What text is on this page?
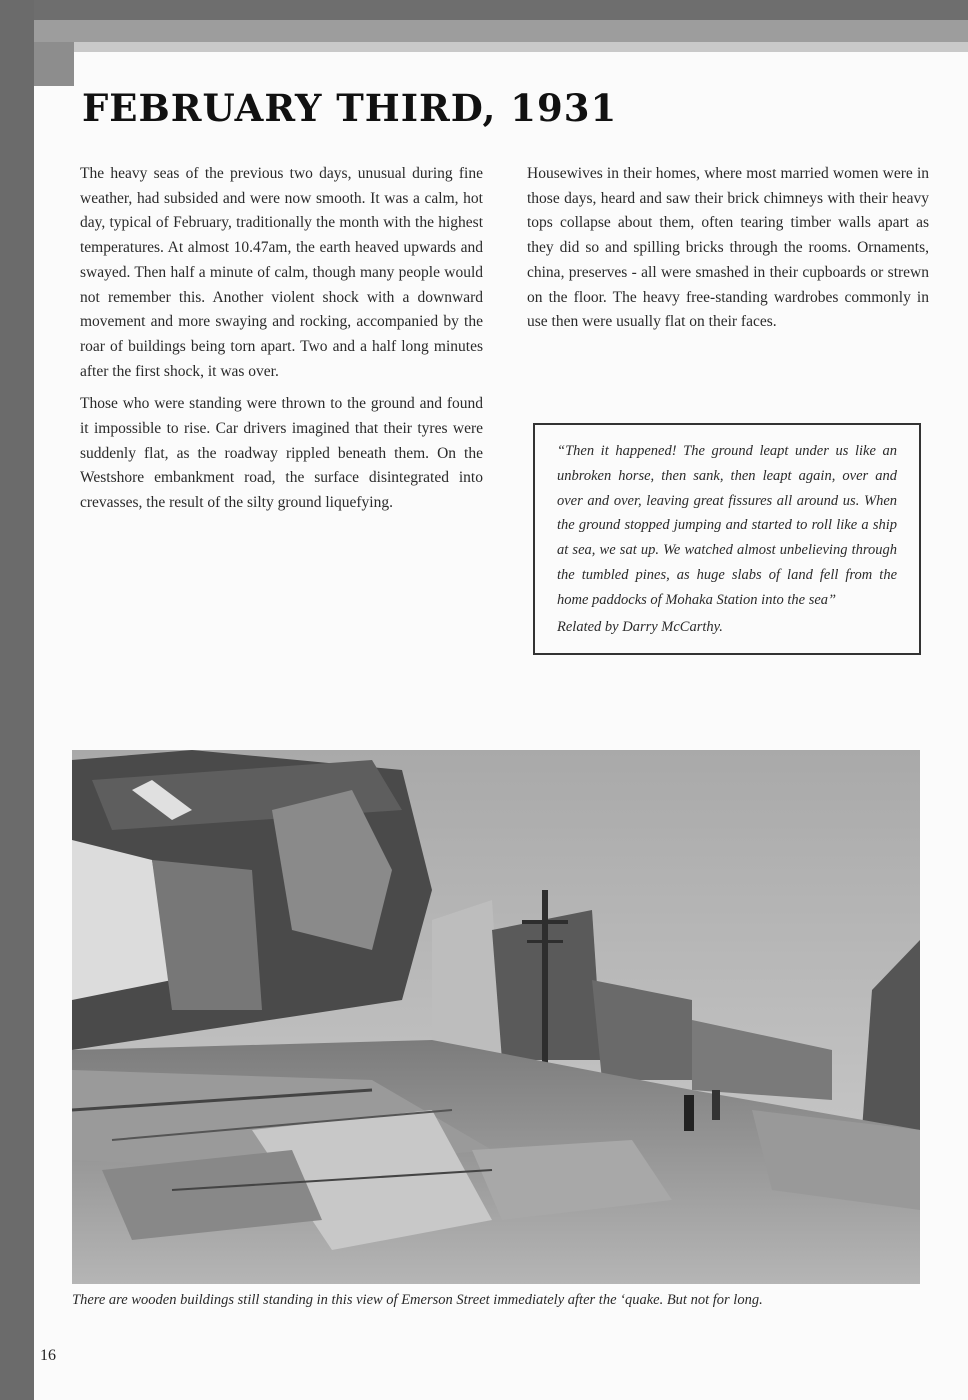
FEBRUARY THIRD, 1931

The heavy seas of the previous two days, unusual during fine weather, had subsided and were now smooth. It was a calm, hot day, typical of February, traditionally the month with the highest temperatures. At almost 10.47am, the earth heaved upwards and swayed. Then half a minute of calm, though many people would not remember this. Another violent shock with a downward movement and more swaying and rocking, accompanied by the roar of buildings being torn apart. Two and a half long minutes after the first shock, it was over.

Those who were standing were thrown to the ground and found it impossible to rise. Car drivers imagined that their tyres were suddenly flat, as the roadway rippled beneath them. On the Westshore embankment road, the surface disintegrated into crevasses, the result of the silty ground liquefying.

Housewives in their homes, where most married women were in those days, heard and saw their brick chimneys with their heavy tops collapse about them, often tearing timber walls apart as they did so and spilling bricks through the rooms. Ornaments, china, preserves - all were smashed in their cupboards or strewn on the floor. The heavy free-standing wardrobes commonly in use then were usually flat on their faces.

“Then it happened! The ground leapt under us like an unbroken horse, then sank, then leapt again, over and over and over, leaving great fissures all around us. When the ground stopped jumping and started to roll like a ship at sea, we sat up. We watched almost unbelieving through the tumbled pines, as huge slabs of land fell from the home paddocks of Mohaka Station into the sea”

Related by Darry McCarthy.

There are wooden buildings still standing in this view of Emerson Street immediately after the ‘quake. But not for long.

16
